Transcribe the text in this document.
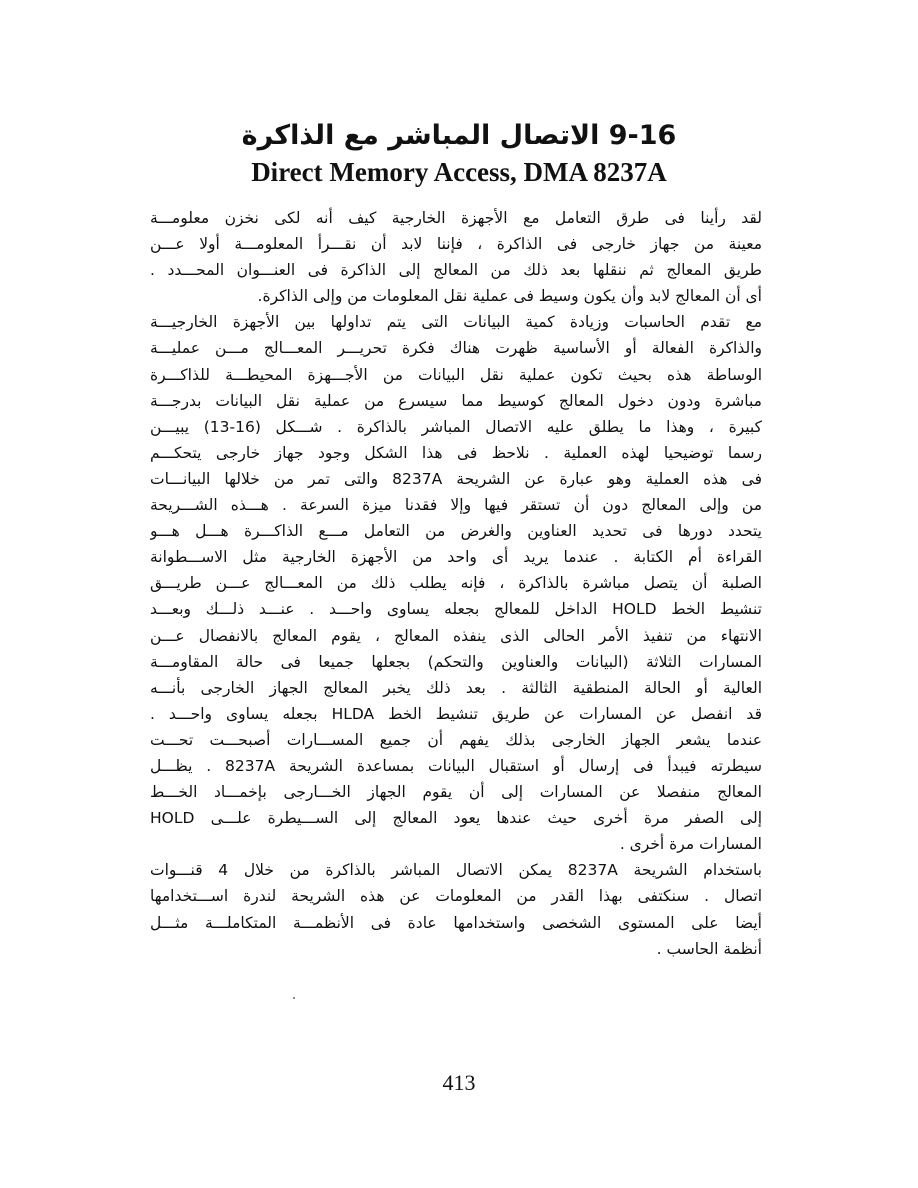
9-16 الاتصال المباشر مع الذاكرة
Direct Memory Access, DMA 8237A
لقد رأينا فى طرق التعامل مع الأجهزة الخارجية كيف أنه لكى نخزن معلومـــة
معينة من جهاز خارجى فى الذاكرة ، فإننا لابد أن نقـــرأ المعلومـــة أولا عـــن
طريق المعالج ثم ننقلها بعد ذلك من المعالج إلى الذاكرة فى العنـــوان المحـــدد .
أى أن المعالج لابد وأن يكون وسيط فى عملية نقل المعلومات من وإلى الذاكرة.
مع تقدم الحاسبات وزيادة كمية البيانات التى يتم تداولها بين الأجهزة الخارجيـــة
والذاكرة الفعالة أو الأساسية ظهرت هناك فكرة تحريـــر المعـــالج مـــن عمليـــة
الوساطة هذه بحيث تكون عملية نقل البيانات من الأجـــهزة المحيطـــة للذاكـــرة
مباشرة ودون دخول المعالج كوسيط مما سيسرع من عملية نقل البيانات بدرجـــة
كبيرة ، وهذا ما يطلق عليه الاتصال المباشر بالذاكرة . شـــكل (16-13) يبيـــن
رسما توضيحيا لهذه العملية . نلاحظ فى هذا الشكل وجود جهاز خارجى يتحكـــم
فى هذه العملية وهو عبارة عن الشريحة 8237A والتى تمر من خلالها البيانـــات
من وإلى المعالج دون أن تستقر فيها وإلا فقدنا ميزة السرعة . هـــذه الشـــريحة
يتحدد دورها فى تحديد العناوين والغرض من التعامل مـــع الذاكـــرة هـــل هـــو
القراءة أم الكتابة . عندما يريد أى واحد من الأجهزة الخارجية مثل الاســـطوانة
الصلبة أن يتصل مباشرة بالذاكرة ، فإنه يطلب ذلك من المعـــالج عـــن طريـــق
تنشيط الخط HOLD الداخل للمعالج بجعله يساوى واحـــد . عنـــد ذلـــك وبعـــد
الانتهاء من تنفيذ الأمر الحالى الذى ينفذه المعالج ، يقوم المعالج بالانفصال عـــن
المسارات الثلاثة (البيانات والعناوين والتحكم) بجعلها جميعا فى حالة المقاومـــة
العالية أو الحالة المنطقية الثالثة . بعد ذلك يخبر المعالج الجهاز الخارجى بأنـــه
قد انفصل عن المسارات عن طريق تنشيط الخط HLDA بجعله يساوى واحـــد .
عندما يشعر الجهاز الخارجى بذلك يفهم أن جميع المســـارات أصبحـــت تحـــت
سيطرته فيبدأ فى إرسال أو استقبال البيانات بمساعدة الشريحة 8237A . يظـــل
المعالج منفصلا عن المسارات إلى أن يقوم الجهاز الخـــارجى بإخمـــاد الخـــط
HOLD إلى الصفر مرة أخرى حيث عندها يعود المعالج إلى الســـيطرة علـــى
المسارات مرة أخرى .
باستخدام الشريحة 8237A يمكن الاتصال المباشر بالذاكرة من خلال 4 قنـــوات
اتصال . سنكتفى بهذا القدر من المعلومات عن هذه الشريحة لندرة اســـتخدامها
أيضا على المستوى الشخصى واستخدامها عادة فى الأنظمـــة المتكاملـــة مثـــل
أنظمة الحاسب .
413
